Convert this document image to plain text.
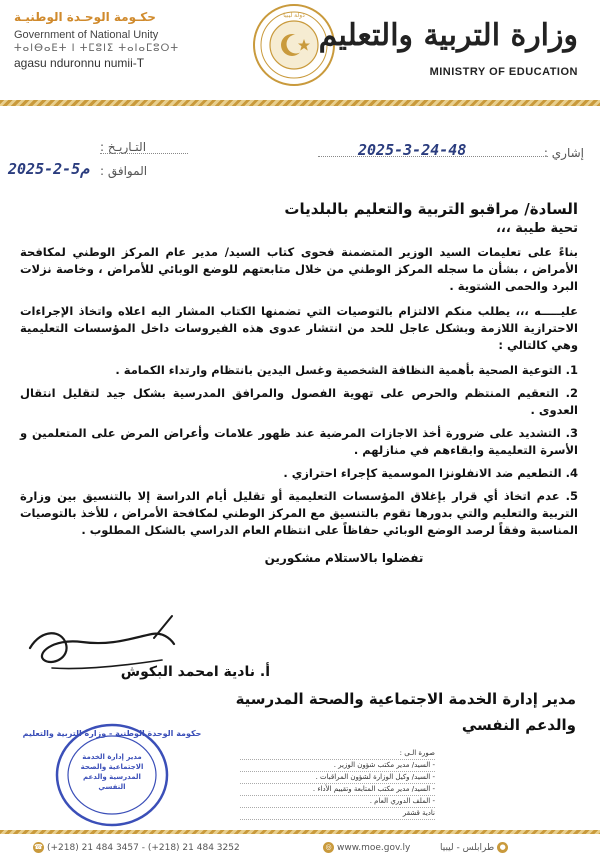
حكـومة الوحـدة الوطنيـة
Government of National Unity
ⵜⴰⵏⴱⴰⴹⵜ ⵏ ⵜⵎⵓⵏⵉ ⵜⴰⵏⴰⵎⵓⵔⵜ
agasu nduronnu numii-T
دولة ليبيا
وزارة التربية والتعليم
MINISTRY OF EDUCATION
إشاري :
2025-3-24-48
التـاريـخ :
الموافق :
2025-2-5م

السادة/ مراقبو التربية والتعليم بالبلديات

تحية طيبة ،،،

بناءً على تعليمات السيد الوزير المتضمنة فحوى كتاب السيد/ مدير عام المركز الوطني لمكافحة الأمراض ، بشأن ما سجله المركز الوطني من خلال متابعتهم للوضع الوبائي للأمراض ، وخاصة نزلات البرد والحمى الشتوية .

عليـــــه ،،، يطلب منكم الالتزام بالتوصيات التي تضمنها الكتاب المشار اليه اعلاه واتخاذ الإجراءات الاحترازية اللازمة وبشكل عاجل للحد من انتشار عدوى هذه الفيروسات داخل المؤسسات التعليمية وهي كالتالي :

1. التوعية الصحية بأهمية النظافة الشخصية وغسل اليدين بانتظام وارتداء الكمامة .

2. التعقيم المنتظم والحرص على تهوية الفصول والمرافق المدرسية بشكل جيد لتقليل انتقال العدوى .

3. التشديد على ضرورة أخذ الاجازات المرضية عند ظهور علامات وأعراض المرض على المتعلمين و الأسرة التعليمية وابقاءهم في منازلهم .

4. التطعيم ضد الانفلونزا الموسمية كإجراء احترازي .

5. عدم اتخاذ أي قرار بإغلاق المؤسسات التعليمية أو تقليل أيام الدراسة إلا بالتنسيق بين وزارة التربية والتعليم والتي بدورها تقوم بالتنسيق مع المركز الوطني لمكافحة الأمراض ، للأخذ بالتوصيات المناسبة وفقاً لرصد الوضع الوبائي حفاظاً على انتظام العام الدراسي بالشكل المطلوب .

تفضلوا بالاستلام مشكورين

أ. نادية امحمد البكوش
مدير إدارة الخدمة الاجتماعية والصحة المدرسية
والدعم النفسي
صورة الـى :
- السيد/ مدير مكتب شؤون الوزير .
- السيد/ وكيل الوزارة لشؤون المراقبات .
- السيد/ مدير مكتب المتابعة وتقييم الأداء .
- الملف الدوري العام .
نادية قشقر
حكومة الوحدة الوطنية - وزارة التربية والتعليم
مدير إدارة الخدمة الاجتماعية والصحة المدرسية والدعم النفسي
☎ (+218) 21 484 3457 - (+218) 21 484 3252	◎ www.moe.gov.ly	●طرابلس - ليبيا
